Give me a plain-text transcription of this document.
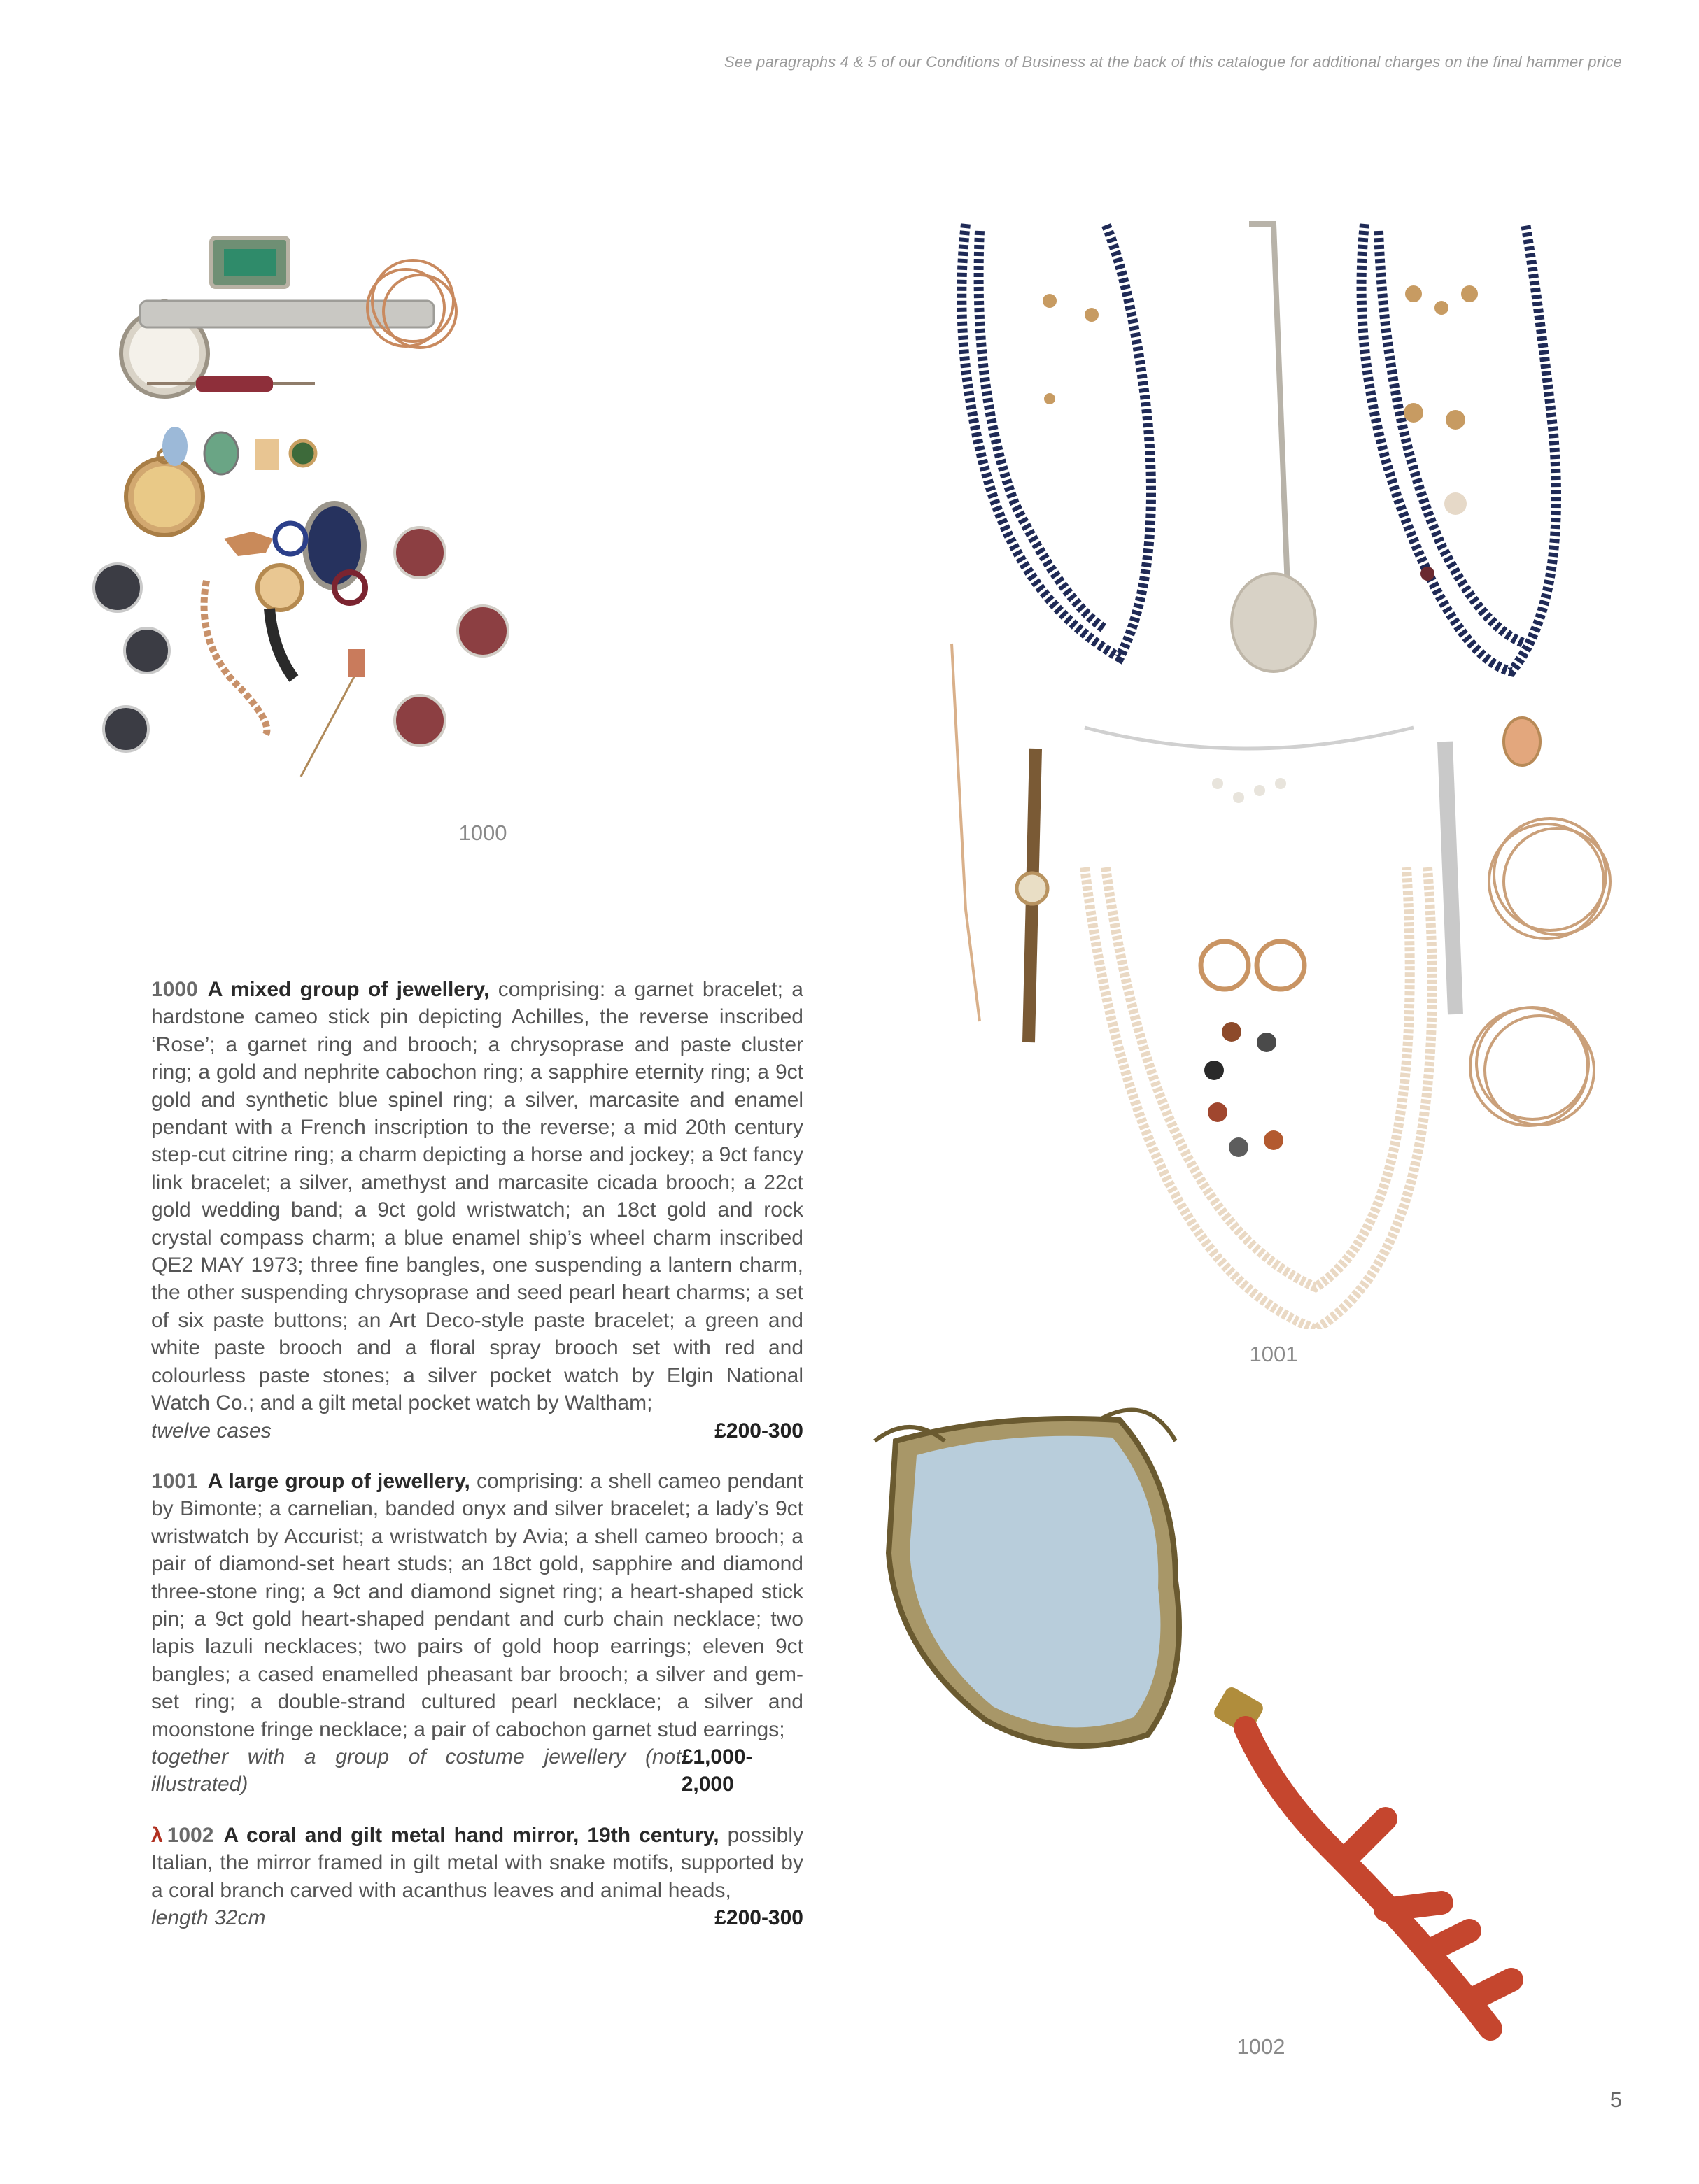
See paragraphs 4 & 5 of our Conditions of Business at the back of this catalogue for additional charges on the final hammer price
1000
1001
1002
1000 A mixed group of jewellery, comprising: a garnet bracelet; a hardstone cameo stick pin depicting Achilles, the reverse inscribed ‘Rose’; a garnet ring and brooch; a chrysoprase and paste cluster ring; a gold and nephrite cabochon ring; a sapphire eternity ring; a 9ct gold and synthetic blue spinel ring; a silver, marcasite and enamel pendant with a French inscription to the reverse; a mid 20th century step-cut citrine ring; a charm depicting a horse and jockey; a 9ct fancy link bracelet; a silver, amethyst and marcasite cicada brooch; a 22ct gold wedding band; a 9ct gold wristwatch; an 18ct gold and rock crystal compass charm; a blue enamel ship’s wheel charm inscribed QE2 MAY 1973; three fine bangles, one suspending a lantern charm, the other suspending chrysoprase and seed pearl heart charms; a set of six paste buttons; an Art Deco-style paste bracelet; a green and white paste brooch and a floral spray brooch set with red and colourless paste stones; a silver pocket watch by Elgin National Watch Co.; and a gilt metal pocket watch by Waltham;
twelve cases	£200-300
1001 A large group of jewellery, comprising: a shell cameo pendant by Bimonte; a carnelian, banded onyx and silver bracelet; a lady’s 9ct wristwatch by Accurist; a wristwatch by Avia; a shell cameo brooch; a pair of diamond-set heart studs; an 18ct gold, sapphire and diamond three-stone ring; a 9ct and diamond signet ring; a heart-shaped stick pin; a 9ct gold heart-shaped pendant and curb chain necklace; two lapis lazuli necklaces; two pairs of gold hoop earrings; eleven 9ct bangles; a cased enamelled pheasant bar brooch; a silver and gem-set ring; a double-strand cultured pearl necklace; a silver and moonstone fringe necklace; a pair of cabochon garnet stud earrings;
together with a group of costume jewellery (not illustrated)
£1,000-2,000
λ 1002 A coral and gilt metal hand mirror, 19th century, possibly Italian, the mirror framed in gilt metal with snake motifs, supported by a coral branch carved with acanthus leaves and animal heads,
length 32cm	£200-300
5
